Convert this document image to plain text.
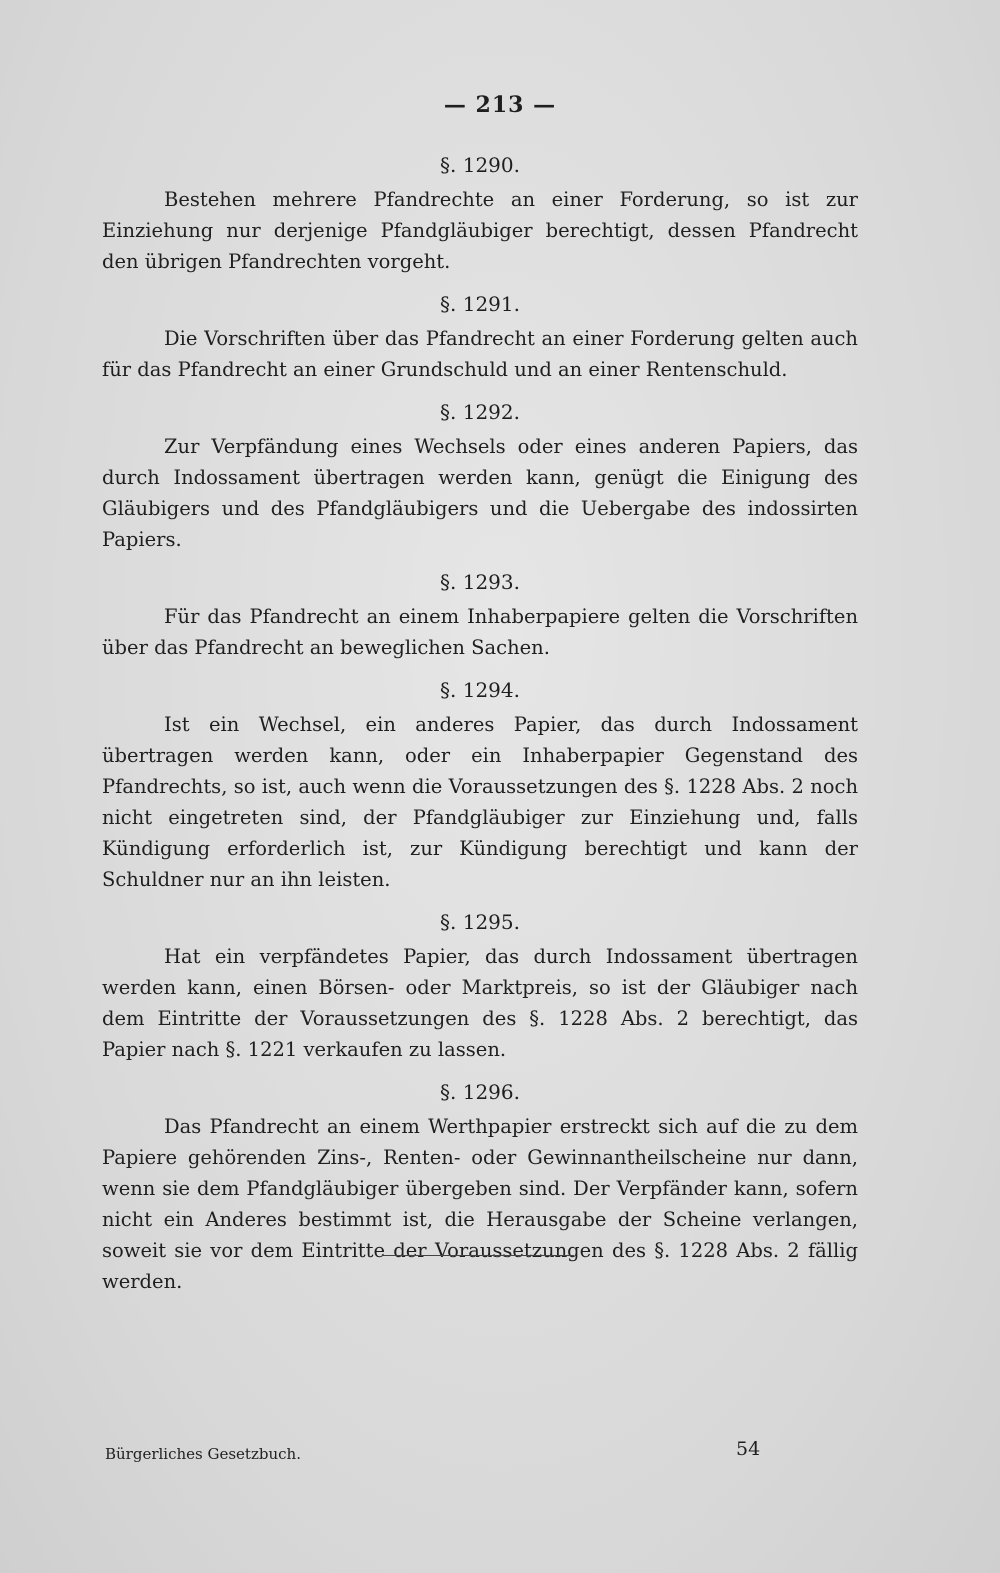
— 213 —
§. 1290.

Bestehen mehrere Pfandrechte an einer Forderung, so ist zur Einziehung nur derjenige Pfandgläubiger berechtigt, dessen Pfandrecht den übrigen Pfandrechten vorgeht.

§. 1291.

Die Vorschriften über das Pfandrecht an einer Forderung gelten auch für das Pfandrecht an einer Grundschuld und an einer Rentenschuld.

§. 1292.

Zur Verpfändung eines Wechsels oder eines anderen Papiers, das durch Indossament übertragen werden kann, genügt die Einigung des Gläubigers und des Pfandgläubigers und die Uebergabe des indossirten Papiers.

§. 1293.

Für das Pfandrecht an einem Inhaberpapiere gelten die Vorschriften über das Pfandrecht an beweglichen Sachen.

§. 1294.

Ist ein Wechsel, ein anderes Papier, das durch Indossament übertragen werden kann, oder ein Inhaberpapier Gegenstand des Pfandrechts, so ist, auch wenn die Voraussetzungen des §. 1228 Abs. 2 noch nicht eingetreten sind, der Pfandgläubiger zur Einziehung und, falls Kündigung erforderlich ist, zur Kündigung berechtigt und kann der Schuldner nur an ihn leisten.

§. 1295.

Hat ein verpfändetes Papier, das durch Indossament übertragen werden kann, einen Börsen- oder Marktpreis, so ist der Gläubiger nach dem Eintritte der Voraussetzungen des §. 1228 Abs. 2 berechtigt, das Papier nach §. 1221 verkaufen zu lassen.

§. 1296.

Das Pfandrecht an einem Werthpapier erstreckt sich auf die zu dem Papiere gehörenden Zins-, Renten- oder Gewinnantheilscheine nur dann, wenn sie dem Pfandgläubiger übergeben sind. Der Verpfänder kann, sofern nicht ein Anderes bestimmt ist, die Herausgabe der Scheine verlangen, soweit sie vor dem Eintritte der Voraussetzungen des §. 1228 Abs. 2 fällig werden.

Bürgerliches Gesetzbuch.	54
